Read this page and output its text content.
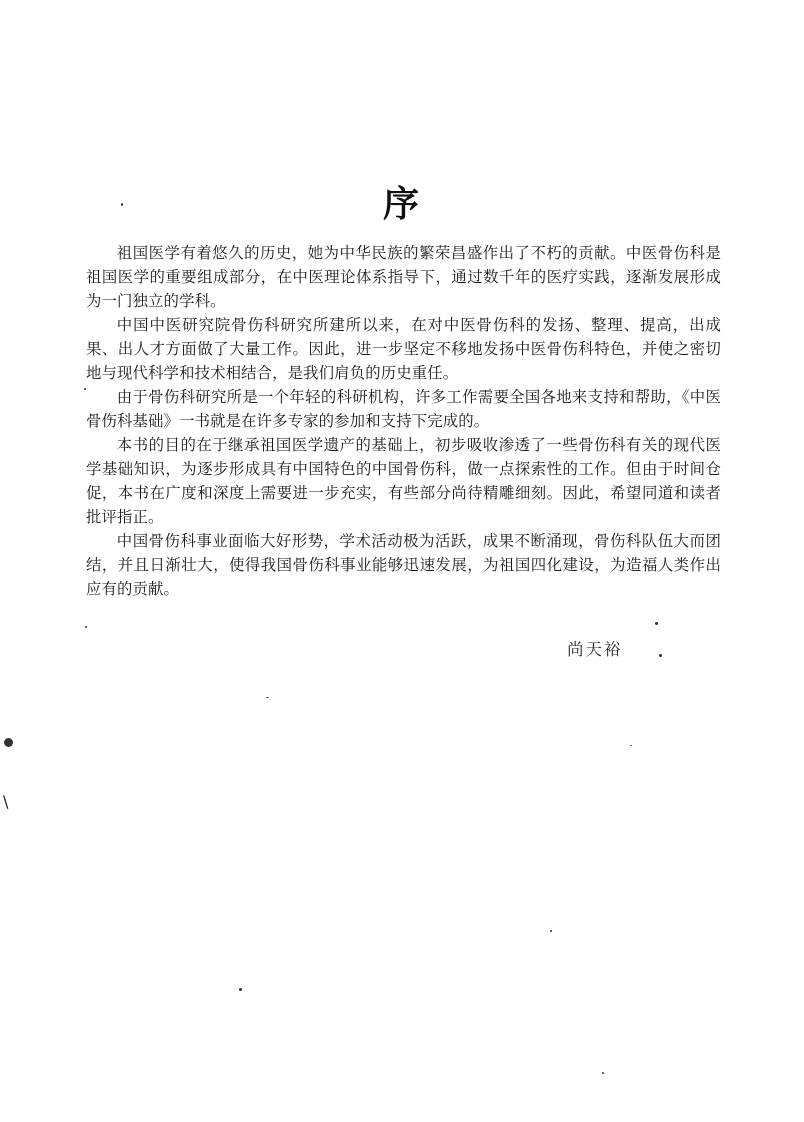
序

祖国医学有着悠久的历史，她为中华民族的繁荣昌盛作出了不朽的贡献。中医骨伤科是祖国医学的重要组成部分，在中医理论体系指导下，通过数千年的医疗实践，逐渐发展形成为一门独立的学科。

中国中医研究院骨伤科研究所建所以来，在对中医骨伤科的发扬、整理、提高，出成果、出人才方面做了大量工作。因此，进一步坚定不移地发扬中医骨伤科特色，并使之密切地与现代科学和技术相结合，是我们肩负的历史重任。

由于骨伤科研究所是一个年轻的科研机构，许多工作需要全国各地来支持和帮助，《中医骨伤科基础》一书就是在许多专家的参加和支持下完成的。

本书的目的在于继承祖国医学遗产的基础上，初步吸收渗透了一些骨伤科有关的现代医学基础知识，为逐步形成具有中国特色的中国骨伤科，做一点探索性的工作。但由于时间仓促，本书在广度和深度上需要进一步充实，有些部分尚待精雕细刻。因此，希望同道和读者批评指正。

中国骨伤科事业面临大好形势，学术活动极为活跃，成果不断涌现，骨伤科队伍大而团结，并且日渐壮大，使得我国骨伤科事业能够迅速发展，为祖国四化建设，为造福人类作出应有的贡献。

尚天裕
\
